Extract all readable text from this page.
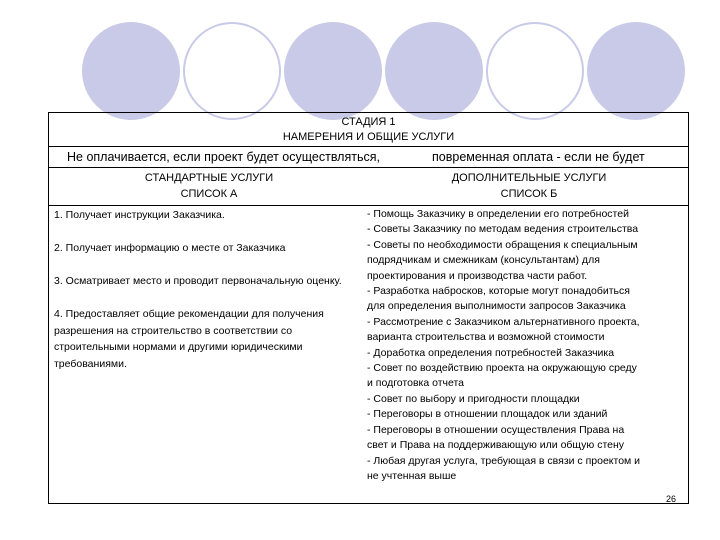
СТАДИЯ 1
НАМЕРЕНИЯ И ОБЩИЕ УСЛУГИ
Не оплачивается, если проект будет осуществляться,	повременная оплата - если не будет
СТАНДАРТНЫЕ УСЛУГИ
СПИСОК А
ДОПОЛНИТЕЛЬНЫЕ УСЛУГИ
СПИСОК Б

1. Получает инструкции Заказчика.

2. Получает информацию о месте от Заказчика

3. Осматривает место и проводит первоначальную оценку.

4. Предоставляет общие рекомендации для получения разрешения на строительство в соответствии со строительными нормами и другими юридическими требованиями.

- Помощь Заказчику в определении его потребностей
- Советы Заказчику по методам ведения строительства
- Советы по необходимости обращения к специальным
подрядчикам и смежникам (консультантам) для
проектирования и производства части работ.
- Разработка набросков, которые могут понадобиться
для определения выполнимости запросов Заказчика
- Рассмотрение с Заказчиком альтернативного проекта,
варианта строительства и возможной стоимости
- Доработка определения потребностей Заказчика
- Совет по воздействию проекта на окружающую среду
и подготовка отчета
- Совет по выбору и пригодности площадки
- Переговоры в отношении площадок или зданий
- Переговоры в отношении осуществления Права на
свет и Права на поддерживающую или общую стену
- Любая другая услуга, требующая в связи с проектом и
не учтенная выше
26
